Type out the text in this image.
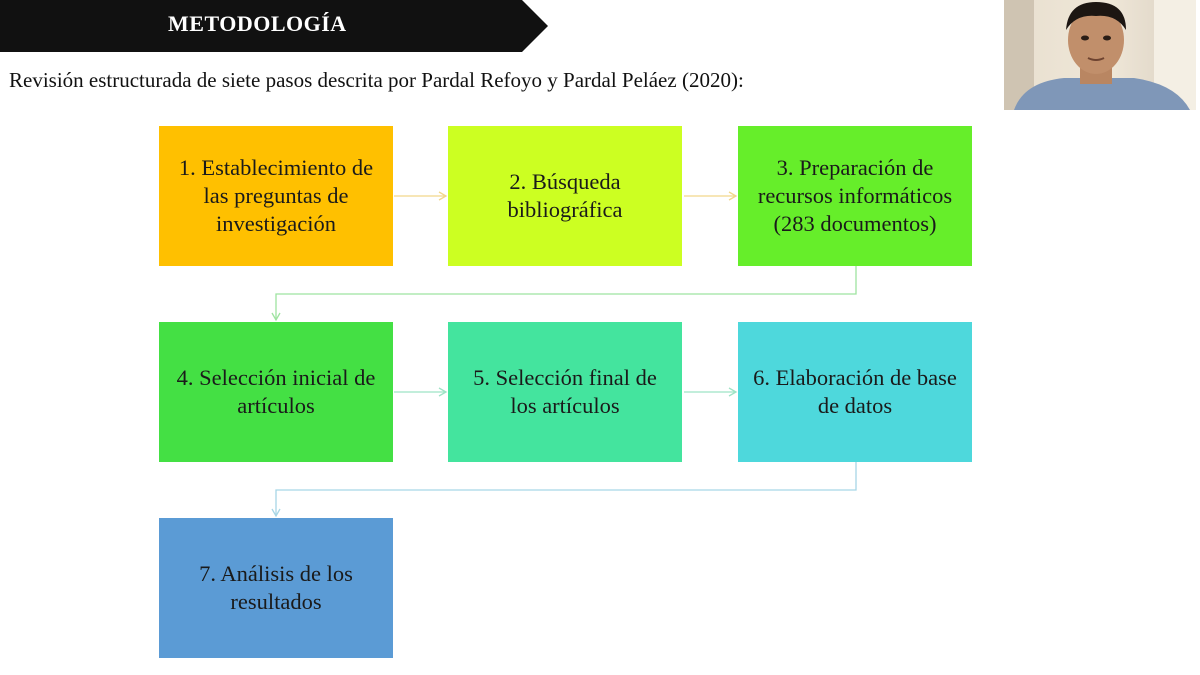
METODOLOGÍA
Revisión estructurada de siete pasos descrita por Pardal Refoyo y Pardal Peláez (2020):
1. Establecimiento de las preguntas de investigación
2. Búsqueda bibliográfica
3. Preparación de recursos informáticos (283 documentos)
4. Selección inicial de artículos
5. Selección final de los artículos
6. Elaboración de base de datos
7. Análisis de los resultados
